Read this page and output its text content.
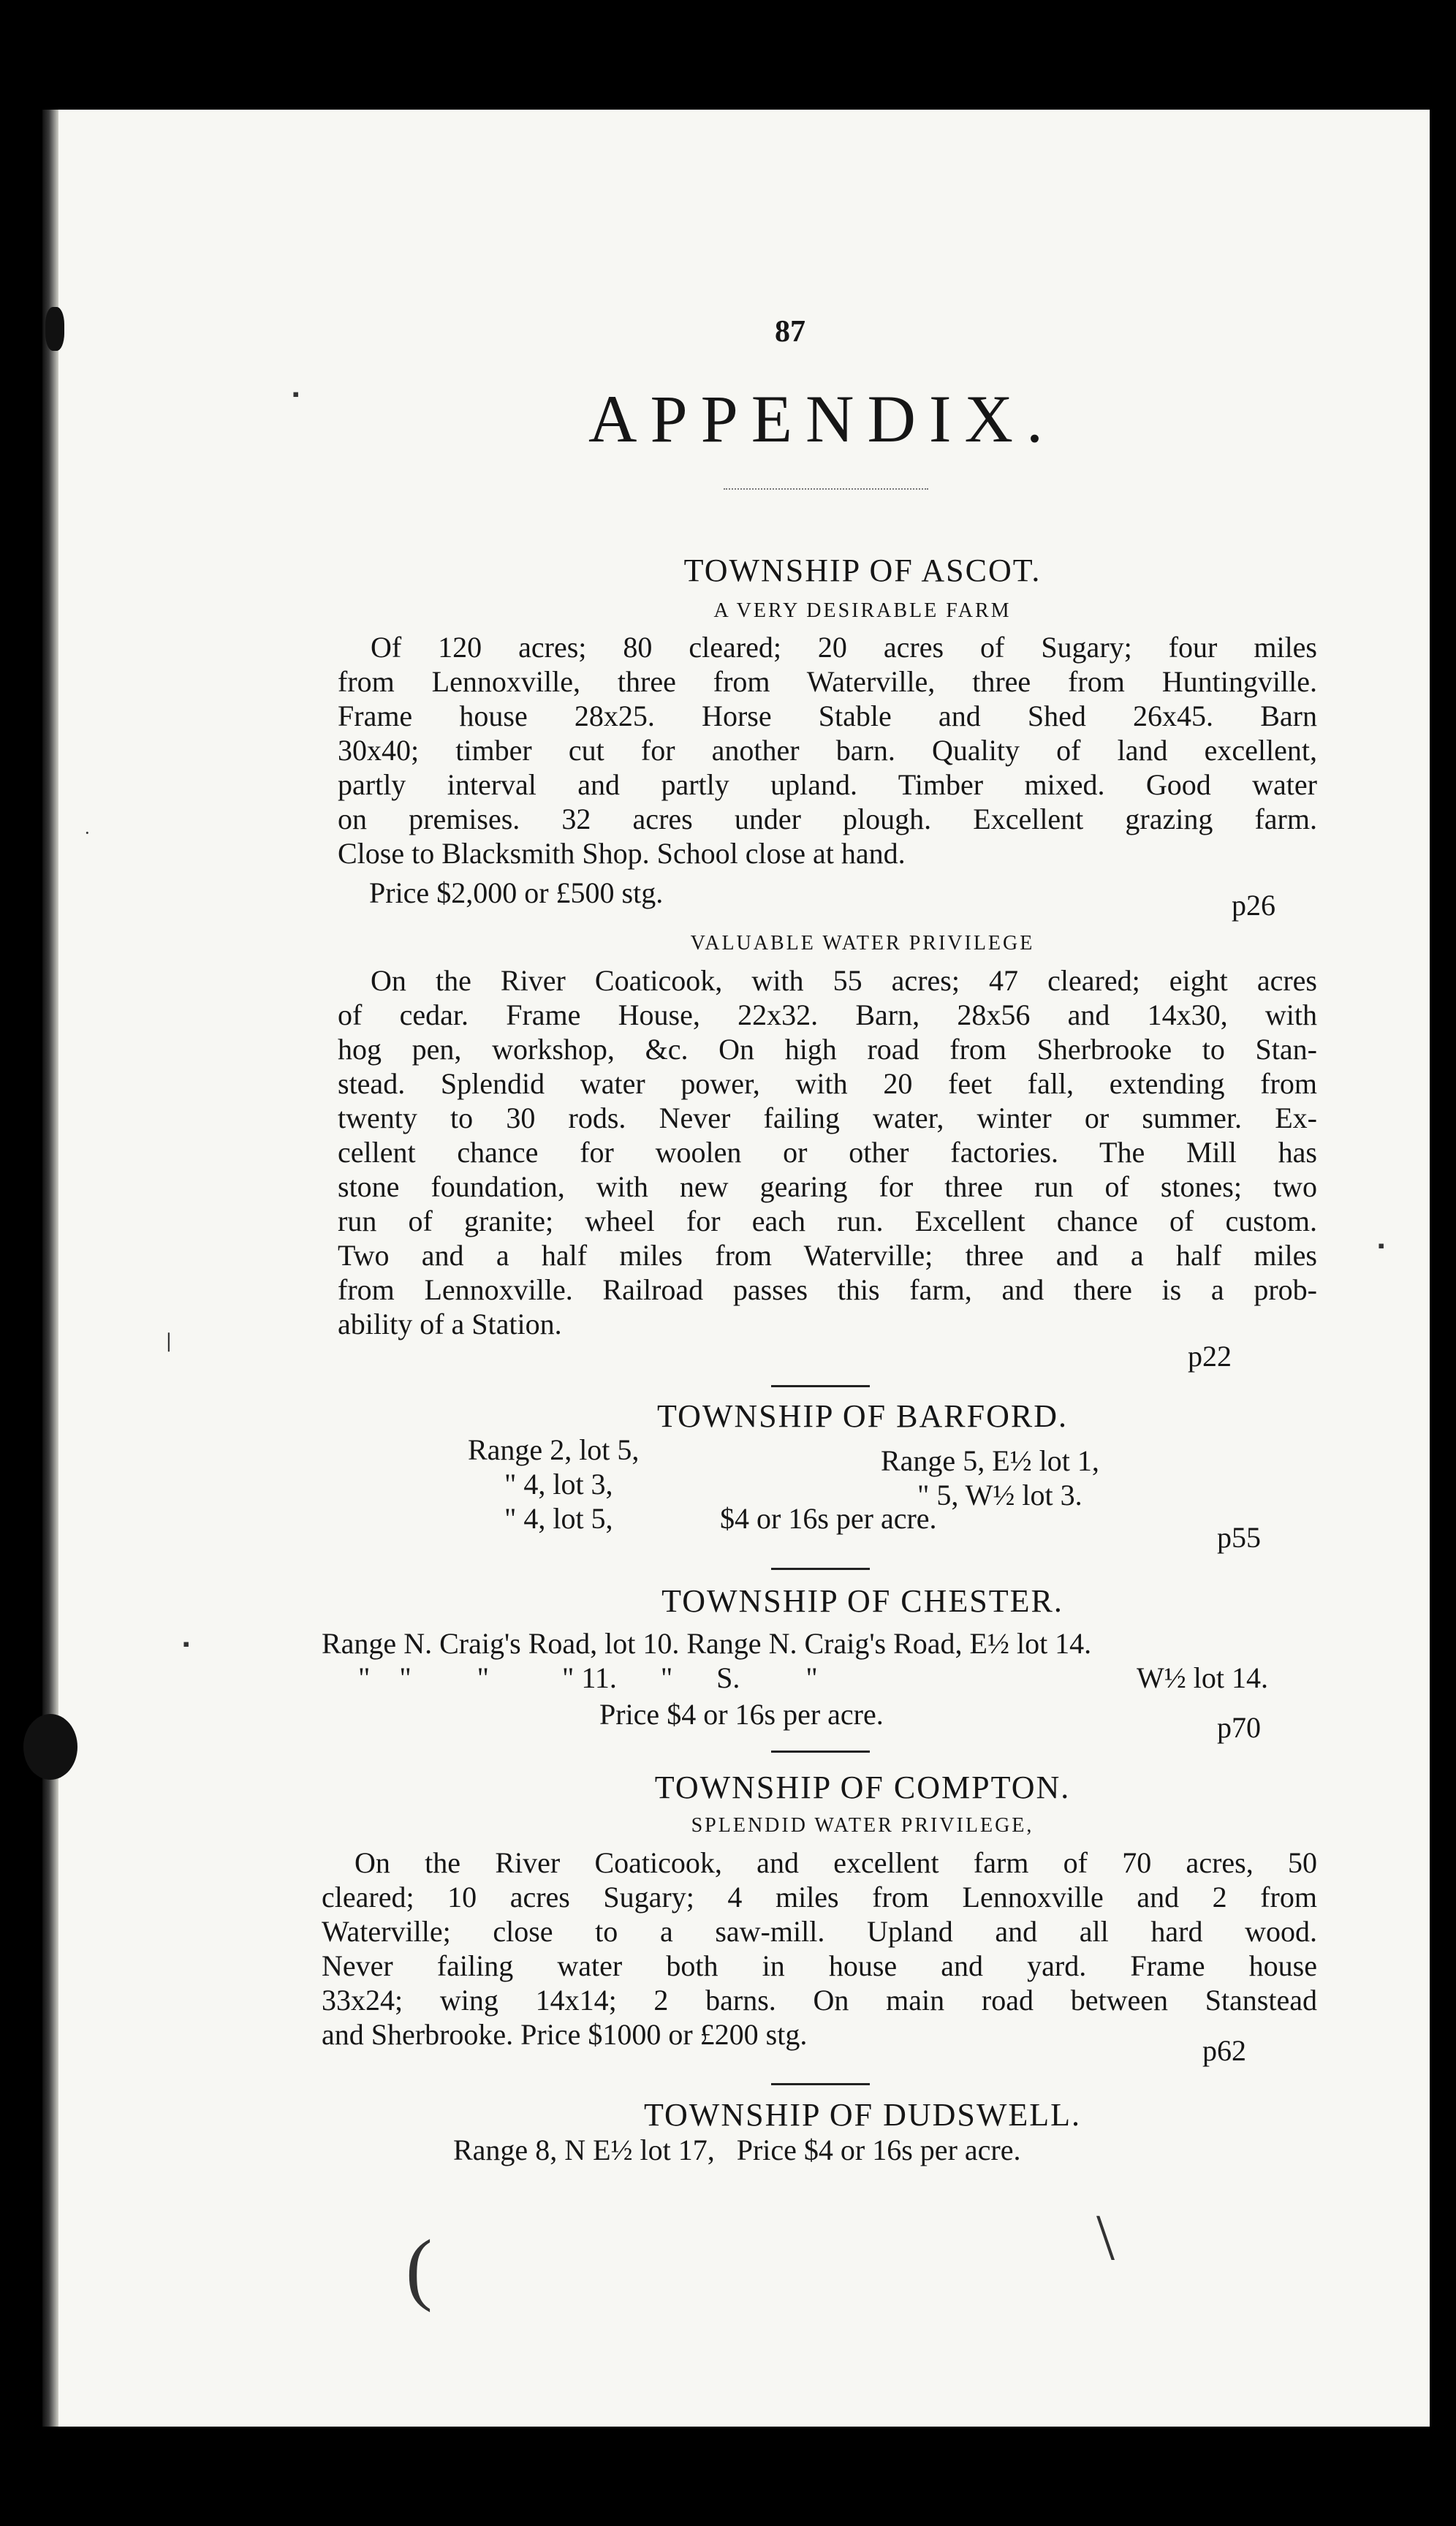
87
APPENDIX.
TOWNSHIP OF ASCOT.
A VERY DESIRABLE FARM
Of 120 acres; 80 cleared; 20 acres of Sugary; four miles
from Lennoxville, three from Waterville, three from Huntingville.
Frame house 28x25. Horse Stable and Shed 26x45. Barn
30x40; timber cut for another barn. Quality of land excellent,
partly interval and partly upland. Timber mixed. Good water
on premises. 32 acres under plough. Excellent grazing farm.
Close to Blacksmith Shop. School close at hand.
Price $2,000 or £500 stg.	p26
VALUABLE WATER PRIVILEGE
On the River Coaticook, with 55 acres; 47 cleared; eight acres
of cedar. Frame House, 22x32. Barn, 28x56 and 14x30, with
hog pen, workshop, &c. On high road from Sherbrooke to Stan-
stead. Splendid water power, with 20 feet fall, extending from
twenty to 30 rods. Never failing water, winter or summer. Ex-
cellent chance for woolen or other factories. The Mill has
stone foundation, with new gearing for three run of stones; two
run of granite; wheel for each run. Excellent chance of custom.
Two and a half miles from Waterville; three and a half miles
from Lennoxville. Railroad passes this farm, and there is a prob-
ability of a Station.
p22
TOWNSHIP OF BARFORD.
Range 2, lot 5,
" 4, lot 3,
" 4, lot 5,
Range 5, E½ lot 1,
" 5, W½ lot 3.
$4 or 16s per acre.
p55
TOWNSHIP OF CHESTER.
Range N. Craig's Road, lot 10. Range N. Craig's Road, E½ lot 14.
"    "         "          " 11.      "      S.         "	W½ lot 14.
Price $4 or 16s per acre.	p70
TOWNSHIP OF COMPTON.
SPLENDID WATER PRIVILEGE,
On the River Coaticook, and excellent farm of 70 acres, 50
cleared; 10 acres Sugary; 4 miles from Lennoxville and 2 from
Waterville; close to a saw-mill. Upland and all hard wood.
Never failing water both in house and yard. Frame house
33x24; wing 14x14; 2 barns. On main road between Stanstead
and Sherbrooke. Price $1000 or £200 stg.	p62
TOWNSHIP OF DUDSWELL.
Range 8, N E½ lot 17,   Price $4 or 16s per acre.
▪
·
❘
▪
▪
(	\
